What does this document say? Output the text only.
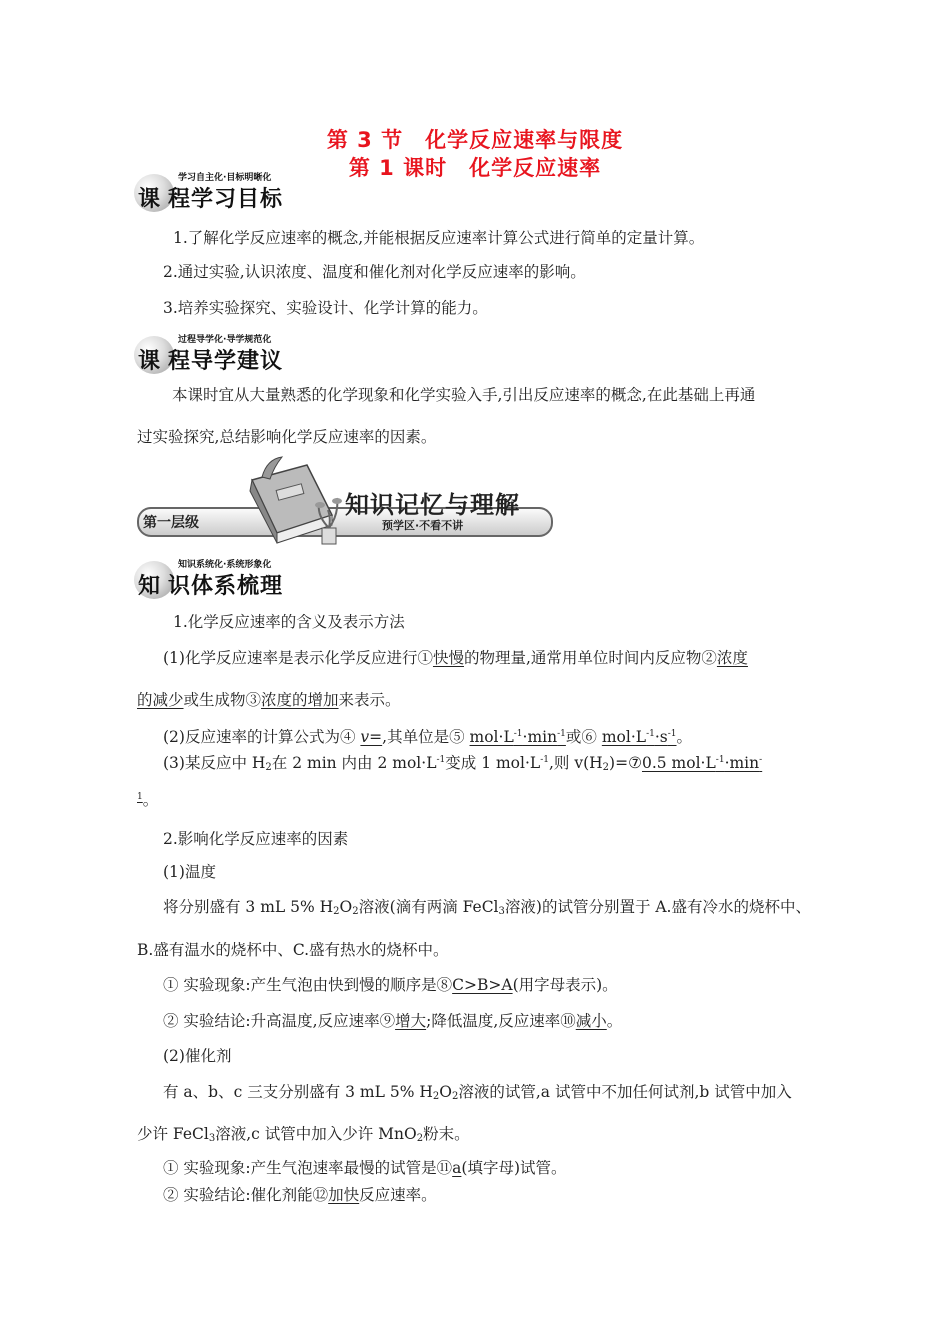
第 3 节　化学反应速率与限度
第 1 课时　化学反应速率
学习自主化·目标明晰化
课 程学习目标
1.了解化学反应速率的概念,并能根据反应速率计算公式进行简单的定量计算。
2.通过实验,认识浓度、温度和催化剂对化学反应速率的影响。
3.培养实验探究、实验设计、化学计算的能力。
过程导学化·导学规范化
课 程导学建议
本课时宜从大量熟悉的化学现象和化学实验入手,引出反应速率的概念,在此基础上再通
过实验探究,总结影响化学反应速率的因素。
第一层级
知识记忆与理解
预学区·不看不讲
知识系统化·系统形象化
知 识体系梳理
1.化学反应速率的含义及表示方法
(1)化学反应速率是表示化学反应进行①快慢的物理量,通常用单位时间内反应物②浓度
的减少或生成物③浓度的增加来表示。
(2)反应速率的计算公式为④ v=,其单位是⑤ $mol\cdot L^{-1}\cdot\min^{-1}$或⑥ $mol\cdot L^{-1}\cdot s^{-1}$。
(3)某反应中 $H_2$在 2 min 内由 2 $mol\cdot L^{-1}$变成 1 $mol\cdot L^{-1}$,则 $v(H_2)=⑦0.5$ $mol\cdot L^{-1}\cdot\min^-$
$^1$。
2.影响化学反应速率的因素
(1)温度
将分别盛有 3 mL 5% $H_2O_2$溶液(滴有两滴 FeCl$_3$溶液)的试管分别置于 A.盛有冷水的烧杯中、
B.盛有温水的烧杯中、C.盛有热水的烧杯中。
① 实验现象:产生气泡由快到慢的顺序是⑧C>B>A(用字母表示)。
② 实验结论:升高温度,反应速率⑨增大;降低温度,反应速率⑩减小。
(2)催化剂
有 a、b、c 三支分别盛有 3 mL 5% $H_2O_2$溶液的试管,a 试管中不加任何试剂,b 试管中加入
少许 FeCl$_3$溶液,c 试管中加入少许 MnO$_2$粉末。
① 实验现象:产生气泡速率最慢的试管是⑪a(填字母)试管。
② 实验结论:催化剂能⑫加快反应速率。
